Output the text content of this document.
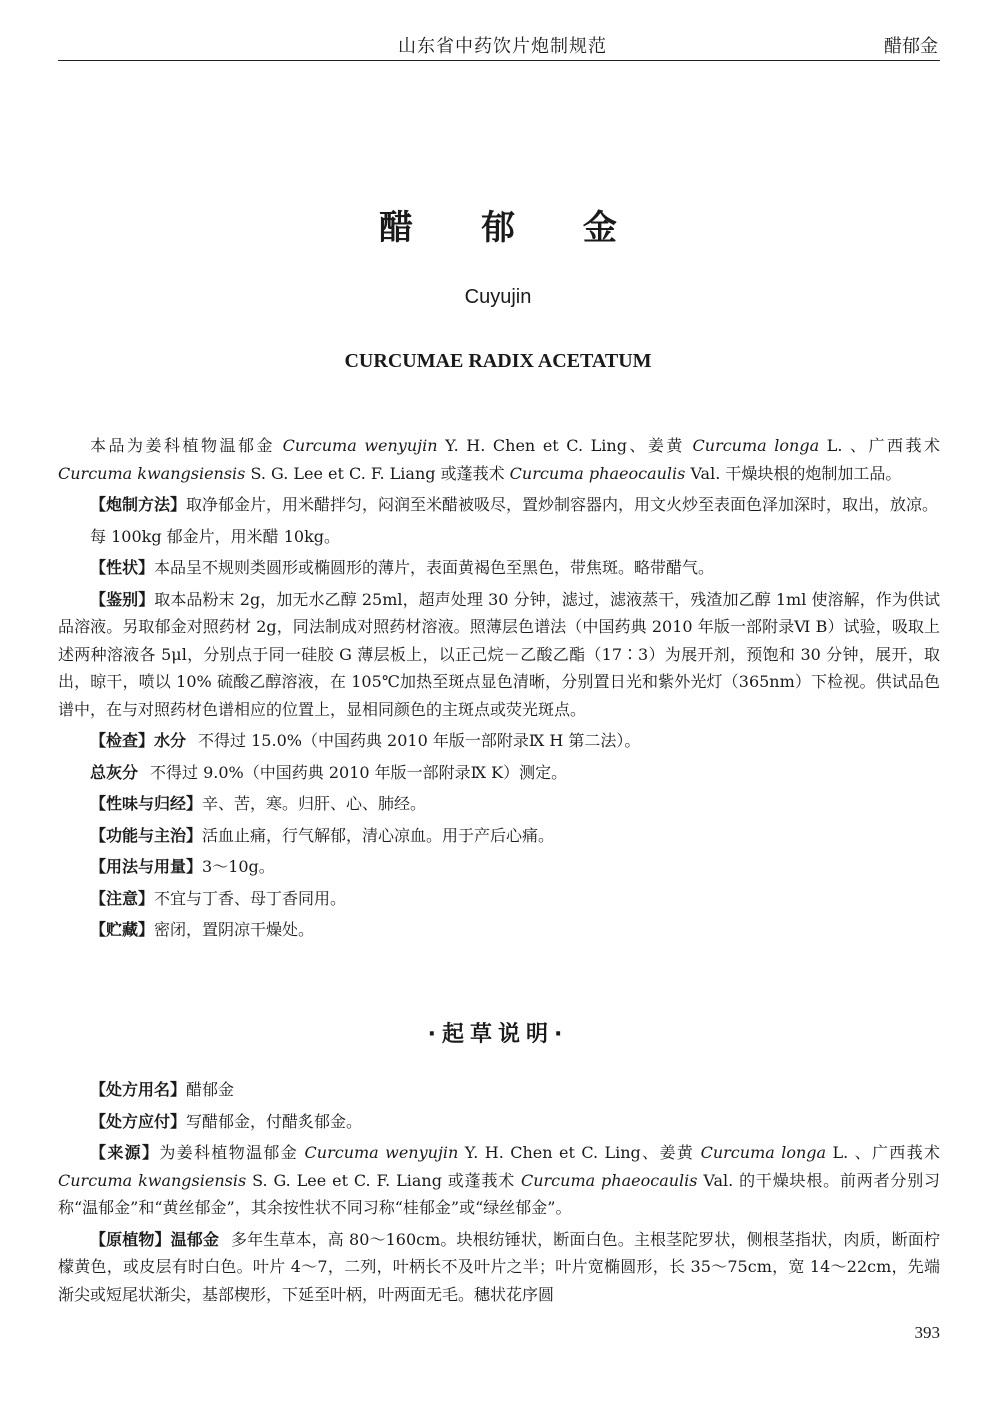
山东省中药饮片炮制规范	醋郁金
醋 郁 金
Cuyujin
CURCUMAE RADIX ACETATUM

本品为姜科植物温郁金 Curcuma wenyujin Y. H. Chen et C. Ling、姜黄 Curcuma longa L. 、广西莪术 Curcuma kwangsiensis S. G. Lee et C. F. Liang 或蓬莪术 Curcuma phaeocaulis Val. 干燥块根的炮制加工品。

【炮制方法】取净郁金片，用米醋拌匀，闷润至米醋被吸尽，置炒制容器内，用文火炒至表面色泽加深时，取出，放凉。

每 100kg 郁金片，用米醋 10kg。

【性状】本品呈不规则类圆形或椭圆形的薄片，表面黄褐色至黑色，带焦斑。略带醋气。

【鉴别】取本品粉末 2g，加无水乙醇 25ml，超声处理 30 分钟，滤过，滤液蒸干，残渣加乙醇 1ml 使溶解，作为供试品溶液。另取郁金对照药材 2g，同法制成对照药材溶液。照薄层色谱法（中国药典 2010 年版一部附录Ⅵ B）试验，吸取上述两种溶液各 5μl，分别点于同一硅胶 G 薄层板上，以正己烷－乙酸乙酯（17∶3）为展开剂，预饱和 30 分钟，展开，取出，晾干，喷以 10% 硫酸乙醇溶液，在 105℃加热至斑点显色清晰，分别置日光和紫外光灯（365nm）下检视。供试品色谱中，在与对照药材色谱相应的位置上，显相同颜色的主斑点或荧光斑点。

【检查】水分 不得过 15.0%（中国药典 2010 年版一部附录Ⅸ H 第二法）。

总灰分 不得过 9.0%（中国药典 2010 年版一部附录Ⅸ K）测定。

【性味与归经】辛、苦，寒。归肝、心、肺经。

【功能与主治】活血止痛，行气解郁，清心凉血。用于产后心痛。

【用法与用量】3～10g。

【注意】不宜与丁香、母丁香同用。

【贮藏】密闭，置阴凉干燥处。

·起草说明·

【处方用名】醋郁金

【处方应付】写醋郁金，付醋炙郁金。

【来源】为姜科植物温郁金 Curcuma wenyujin Y. H. Chen et C. Ling、姜黄 Curcuma longa L. 、广西莪术 Curcuma kwangsiensis S. G. Lee et C. F. Liang 或蓬莪术 Curcuma phaeocaulis Val. 的干燥块根。前两者分别习称“温郁金”和“黄丝郁金”，其余按性状不同习称“桂郁金”或“绿丝郁金”。

【原植物】温郁金 多年生草本，高 80～160cm。块根纺锤状，断面白色。主根茎陀罗状，侧根茎指状，肉质，断面柠檬黄色，或皮层有时白色。叶片 4～7，二列，叶柄长不及叶片之半；叶片宽椭圆形，长 35～75cm，宽 14～22cm，先端渐尖或短尾状渐尖，基部楔形，下延至叶柄，叶两面无毛。穗状花序圆

393
